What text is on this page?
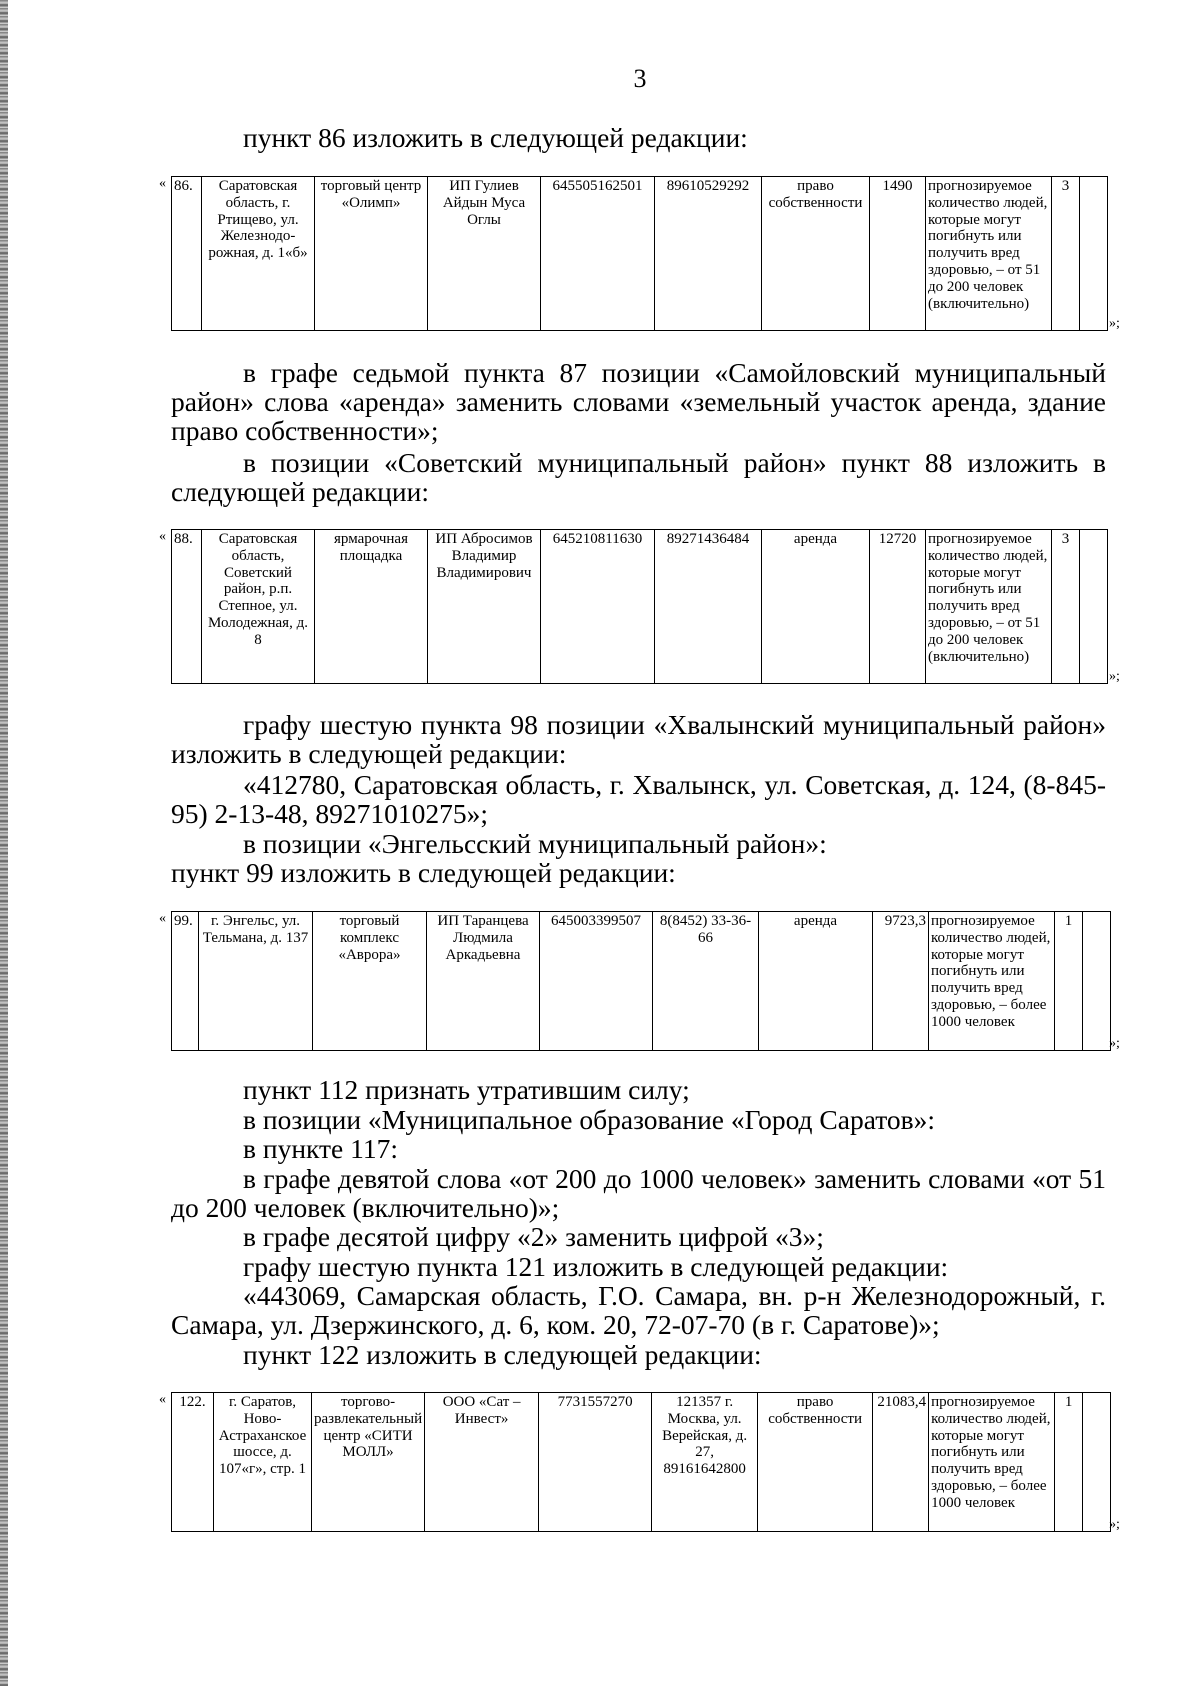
3
пункт 86 изложить в следующей редакции:
« 86.	Саратовская область, г. Ртищево, ул. Железнодо-рожная, д. 1«б»	торговый центр «Олимп»	ИП Гулиев Айдын Муса Оглы	645505162501	89610529292	право собственности	1490	прогнозируемое количество людей, которые могут погибнуть или получить вред здоровью, – от 51 до 200 человек (включительно)	3	
»;
в графе седьмой пункта 87 позиции «Самойловский муниципальный район» слова «аренда» заменить словами «земельный участок аренда, здание право собственности»;
в позиции «Советский муниципальный район» пункт 88 изложить в следующей редакции:
« 88.	Саратовская область, Советский район, р.п. Степное, ул. Молодежная, д. 8	ярмарочная площадка	ИП Абросимов Владимир Владимирович	645210811630	89271436484	аренда	12720	прогнозируемое количество людей, которые могут погибнуть или получить вред здоровью, – от 51 до 200 человек (включительно)	3	
»;
графу шестую пункта 98 позиции «Хвалынский муниципальный район» изложить в следующей редакции:
«412780, Саратовская область, г. Хвалынск, ул. Советская, д. 124, (8-845-95) 2-13-48, 89271010275»;
в позиции «Энгельсский муниципальный район»:
пункт 99 изложить в следующей редакции:
« 99.	г. Энгельс, ул. Тельмана, д. 137	торговый комплекс «Аврора»	ИП Таранцева Людмила Аркадьевна	645003399507	8(8452) 33-36-66	аренда	9723,3	прогнозируемое количество людей, которые могут погибнуть или получить вред здоровью, – более 1000 человек	1	
»;
пункт 112 признать утратившим силу;
в позиции «Муниципальное образование «Город Саратов»:
в пункте 117:
в графе девятой слова «от 200 до 1000 человек» заменить словами «от 51 до 200 человек (включительно)»;
в графе десятой цифру «2» заменить цифрой «3»;
графу шестую пункта 121 изложить в следующей редакции:
«443069, Самарская область, Г.О. Самара, вн. р-н Железнодорожный, г. Самара, ул. Дзержинского, д. 6, ком. 20, 72-07-70 (в г. Саратове)»;
пункт 122 изложить в следующей редакции:
« 122.	г. Саратов, Ново-Астраханское шоссе, д. 107«г», стр. 1	торгово-развлекательный центр «СИТИ МОЛЛ»	ООО «Сат – Инвест»	7731557270	121357 г. Москва, ул. Верейская, д. 27, 89161642800	право собственности	21083,4	прогнозируемое количество людей, которые могут погибнуть или получить вред здоровью, – более 1000 человек	1	
»;
